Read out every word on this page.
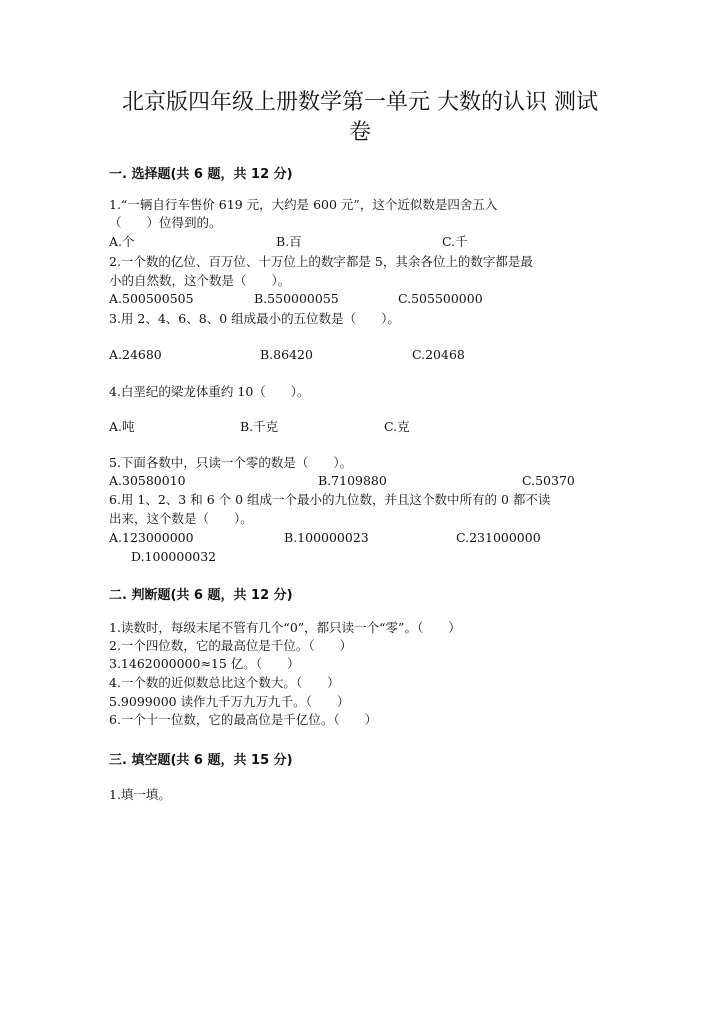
北京版四年级上册数学第一单元 大数的认识 测试
卷
一. 选择题(共 6 题，共 12 分)
1.“一辆自行车售价 619 元，大约是 600 元”，这个近似数是四舍五入
（　　）位得到的。
A.个	B.百	C.千
2.一个数的亿位、百万位、十万位上的数字都是 5，其余各位上的数字都是最
小的自然数，这个数是（　　）。
A.500500505	B.550000055	C.505500000
3.用 2、4、6、8、0 组成最小的五位数是（　　）。
A.24680	B.86420	C.20468
4.白垩纪的梁龙体重约 10（　　）。
A.吨	B.千克	C.克
5.下面各数中，只读一个零的数是（　　）。
A.30580010	B.7109880	C.50370
6.用 1、2、3 和 6 个 0 组成一个最小的九位数，并且这个数中所有的 0 都不读
出来，这个数是（　　）。
A.123000000	B.100000023	C.231000000
D.100000032
二. 判断题(共 6 题，共 12 分)
1.读数时，每级末尾不管有几个“0”，都只读一个“零”。（　　）
2.一个四位数，它的最高位是千位。（　　）
3.1462000000≈15 亿。（　　）
4.一个数的近似数总比这个数大。（　　）
5.9099000 读作九千万九万九千。（　　）
6.一个十一位数，它的最高位是千亿位。（　　）
三. 填空题(共 6 题，共 15 分)
1.填一填。
